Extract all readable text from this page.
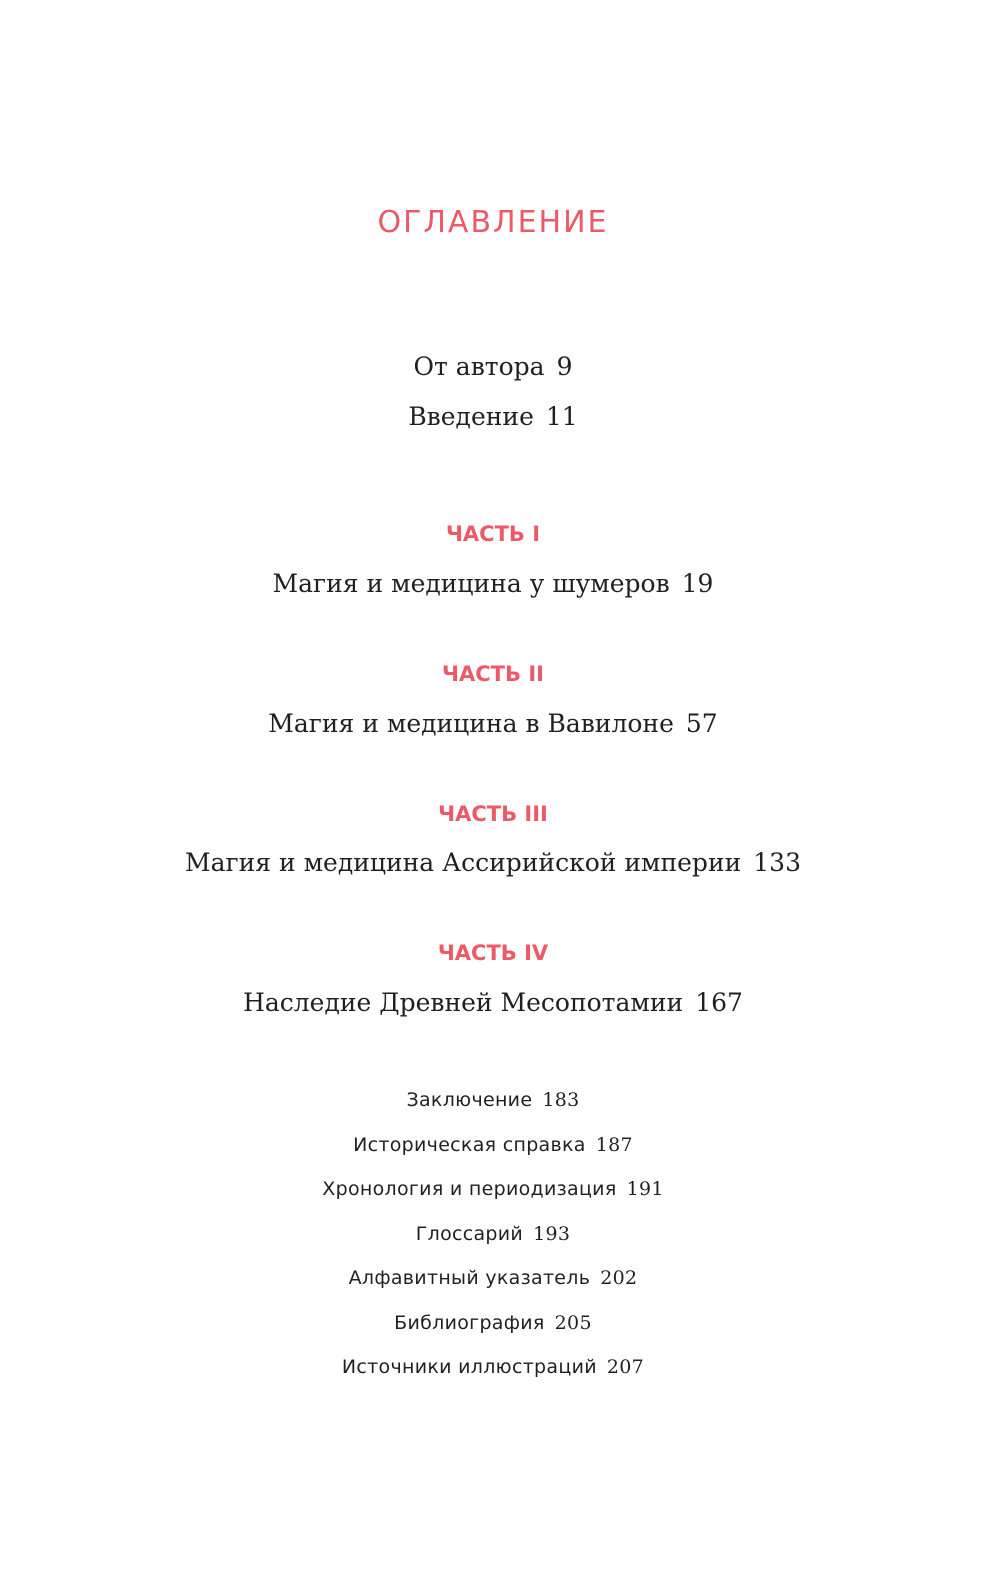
ОГЛАВЛЕНИЕ
От автора 9
Введение 11
ЧАСТЬ I
Магия и медицина у шумеров 19
ЧАСТЬ II
Магия и медицина в Вавилоне 57
ЧАСТЬ III
Магия и медицина Ассирийской империи 133
ЧАСТЬ IV
Наследие Древней Месопотамии 167
Заключение 183
Историческая справка 187
Хронология и периодизация 191
Глоссарий 193
Алфавитный указатель 202
Библиография 205
Источники иллюстраций 207
